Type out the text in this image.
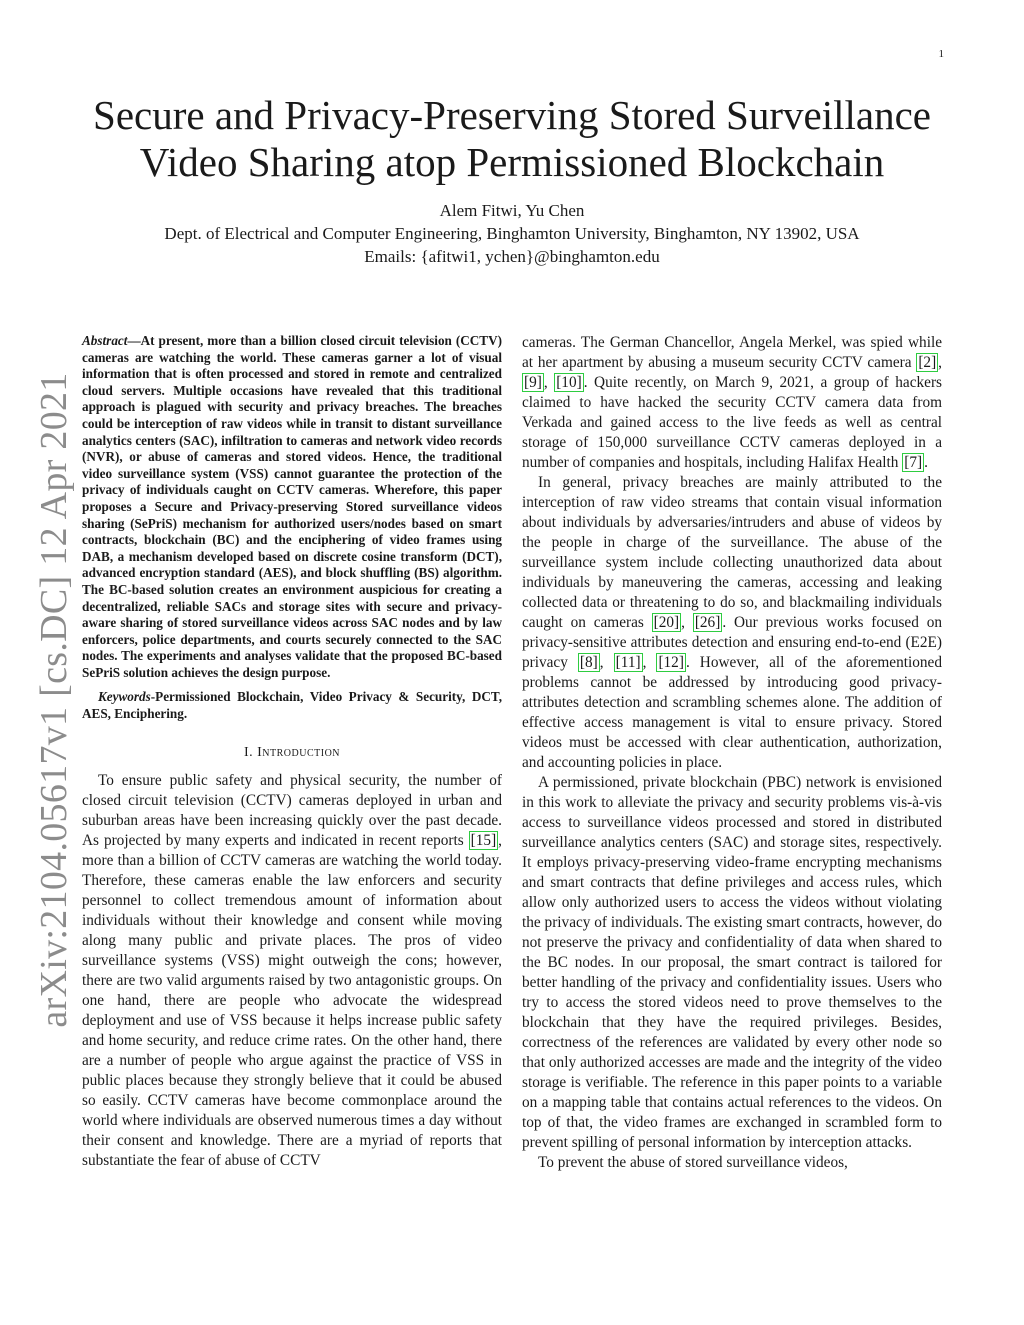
1
arXiv:2104.05617v1 [cs.DC] 12 Apr 2021
Secure and Privacy-Preserving Stored Surveillance Video Sharing atop Permissioned Blockchain
Alem Fitwi, Yu Chen
Dept. of Electrical and Computer Engineering, Binghamton University, Binghamton, NY 13902, USA
Emails: {afitwi1, ychen}@binghamton.edu

Abstract—At present, more than a billion closed circuit television (CCTV) cameras are watching the world. These cameras garner a lot of visual information that is often processed and stored in remote and centralized cloud servers. Multiple occasions have revealed that this traditional approach is plagued with security and privacy breaches. The breaches could be interception of raw videos while in transit to distant surveillance analytics centers (SAC), infiltration to cameras and network video records (NVR), or abuse of cameras and stored videos. Hence, the traditional video surveillance system (VSS) cannot guarantee the protection of the privacy of individuals caught on CCTV cameras. Wherefore, this paper proposes a Secure and Privacy-preserving Stored surveillance videos sharing (SePriS) mechanism for authorized users/nodes based on smart contracts, blockchain (BC) and the enciphering of video frames using DAB, a mechanism developed based on discrete cosine transform (DCT), advanced encryption standard (AES), and block shuffling (BS) algorithm. The BC-based solution creates an environment auspicious for creating a decentralized, reliable SACs and storage sites with secure and privacy-aware sharing of stored surveillance videos across SAC nodes and by law enforcers, police departments, and courts securely connected to the SAC nodes. The experiments and analyses validate that the proposed BC-based SePriS solution achieves the design purpose.

Keywords-Permissioned Blockchain, Video Privacy & Security, DCT, AES, Enciphering.

I. Introduction

To ensure public safety and physical security, the number of closed circuit television (CCTV) cameras deployed in urban and suburban areas have been increasing quickly over the past decade. As projected by many experts and indicated in recent reports [15] , more than a billion of CCTV cameras are watching the world today. Therefore, these cameras enable the law enforcers and security personnel to collect tremendous amount of information about individuals without their knowledge and consent while moving along many public and private places. The pros of video surveillance systems (VSS) might outweigh the cons; however, there are two valid arguments raised by two antagonistic groups. On one hand, there are people who advocate the widespread deployment and use of VSS because it helps increase public safety and home security, and reduce crime rates. On the other hand, there are a number of people who argue against the practice of VSS in public places because they strongly believe that it could be abused so easily. CCTV cameras have become commonplace around the world where individuals are observed numerous times a day without their consent and knowledge. There are a myriad of reports that substantiate the fear of abuse of CCTV

cameras. The German Chancellor, Angela Merkel, was spied while at her apartment by abusing a museum security CCTV camera [2] , [9] , [10] . Quite recently, on March 9, 2021, a group of hackers claimed to have hacked the security CCTV camera data from Verkada and gained access to the live feeds as well as central storage of 150,000 surveillance CCTV cameras deployed in a number of companies and hospitals, including Halifax Health [7] .

In general, privacy breaches are mainly attributed to the interception of raw video streams that contain visual information about individuals by adversaries/intruders and abuse of videos by the people in charge of the surveillance. The abuse of the surveillance system include collecting unauthorized data about individuals by maneuvering the cameras, accessing and leaking collected data or threatening to do so, and blackmailing individuals caught on cameras [20] , [26] . Our previous works focused on privacy-sensitive attributes detection and ensuring end-to-end (E2E) privacy [8] , [11] , [12] . However, all of the aforementioned problems cannot be addressed by introducing good privacy-attributes detection and scrambling schemes alone. The addition of effective access management is vital to ensure privacy. Stored videos must be accessed with clear authentication, authorization, and accounting policies in place.

A permissioned, private blockchain (PBC) network is envisioned in this work to alleviate the privacy and security problems vis-à-vis access to surveillance videos processed and stored in distributed surveillance analytics centers (SAC) and storage sites, respectively. It employs privacy-preserving video-frame encrypting mechanisms and smart contracts that define privileges and access rules, which allow only authorized users to access the videos without violating the privacy of individuals. The existing smart contracts, however, do not preserve the privacy and confidentiality of data when shared to the BC nodes. In our proposal, the smart contract is tailored for better handling of the privacy and confidentiality issues. Users who try to access the stored videos need to prove themselves to the blockchain that they have the required privileges. Besides, correctness of the references are validated by every other node so that only authorized accesses are made and the integrity of the video storage is verifiable. The reference in this paper points to a variable on a mapping table that contains actual references to the videos. On top of that, the video frames are exchanged in scrambled form to prevent spilling of personal information by interception attacks.

To prevent the abuse of stored surveillance videos,
